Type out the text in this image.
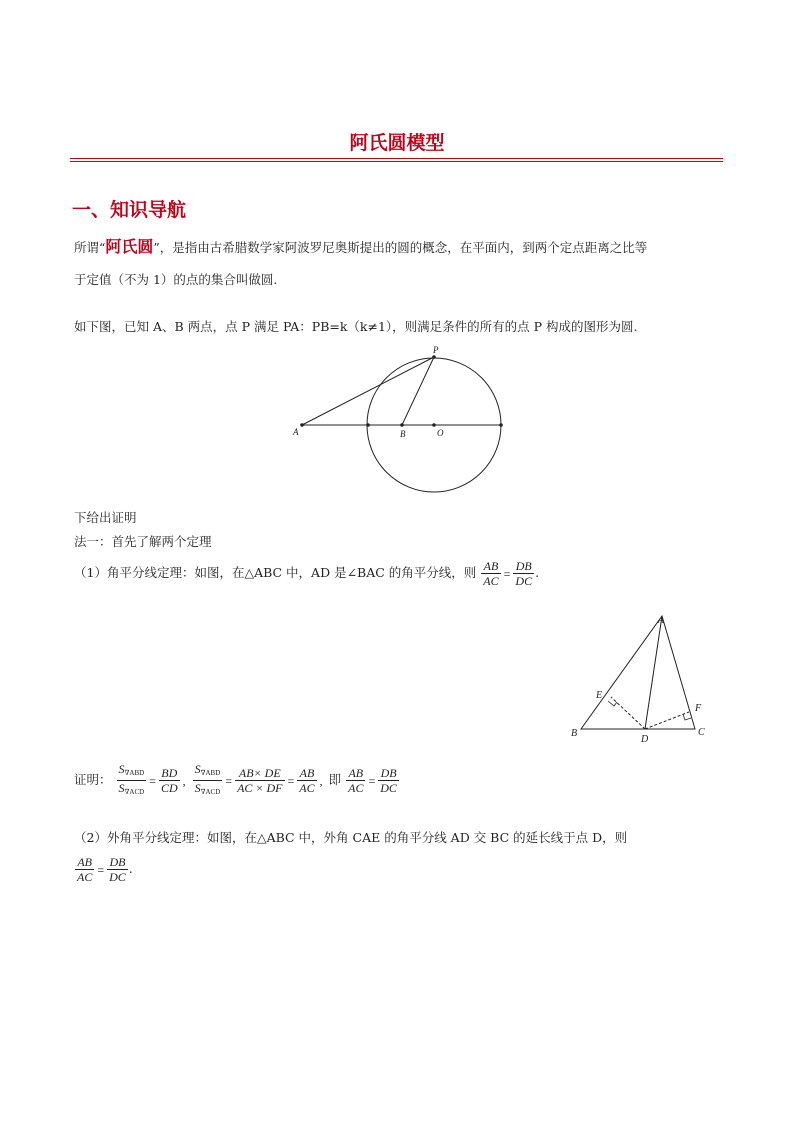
阿氏圆模型
一、知识导航
所谓“阿氏圆”，是指由古希腊数学家阿波罗尼奥斯提出的圆的概念，在平面内，到两个定点距离之比等
于定值（不为 1）的点的集合叫做圆.
如下图，已知 A、B 两点，点 P 满足 PA：PB=k（k≠1），则满足条件的所有的点 P 构成的图形为圆.
A	B	O
P
下给出证明
法一：首先了解两个定理
（1）角平分线定理：如图，在△ABC 中，AD 是∠BAC 的角平分线，则 $\frac{AB}{AC} = \frac{DB}{DC}$ .
A
B	C
D
E
F
证明： $\frac{S_{\nabla ABD}}{S_{\nabla ACD}} = \frac{BD}{CD}$ , $\frac{S_{\nabla ABD}}{S_{\nabla ACD}} = \frac{AB\times DE}{AC \times DF} = \frac{AB}{AC}$ , 即 $\frac{AB}{AC} = \frac{DB}{DC}$
（2）外角平分线定理：如图，在△ABC 中，外角 CAE 的角平分线 AD 交 BC 的延长线于点 D，则
$\frac{AB}{AC} = \frac{DB}{DC}$ .
